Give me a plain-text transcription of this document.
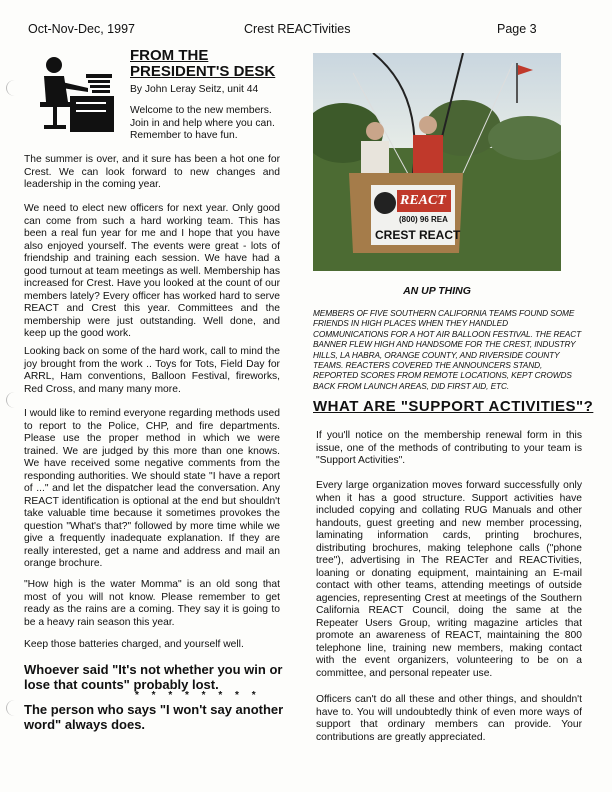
Oct-Nov-Dec, 1997	Crest REACTivities	Page 3
FROM THE
PRESIDENT'S DESK
By John Leray Seitz, unit 44

Welcome to the new members. Join in and help where you can. Remember to have fun.

The summer is over, and it sure has been a hot one for Crest. We can look forward to new changes and leadership in the coming year.

We need to elect new officers for next year. Only good can come from such a hard working team. This has been a real fun year for me and I hope that you have also enjoyed yourself. The events were great - lots of friendship and training each session. We have had a good turnout at team meetings as well. Membership has increased for Crest. Have you looked at the count of our members lately? Every officer has worked hard to serve REACT and Crest this year. Committees and the membership were just outstanding. Well done, and keep up the good work.

Looking back on some of the hard work, call to mind the joy brought from the work .. Toys for Tots, Field Day for ARRL, Ham conventions, Balloon Festival, fireworks, Red Cross, and many many more.

I would like to remind everyone regarding methods used to report to the Police, CHP, and fire departments. Please use the proper method in which we were trained. We are judged by this more than one knows. We have received some negative comments from the responding authorities. We should state "I have a report of ..." and let the dispatcher lead the conversation. Any REACT identification is optional at the end but shouldn't take valuable time because it sometimes provokes the question "What's that?" followed by more time while we give a frequently inadequate explanation. If they are really interested, get a name and address and mail an orange brochure.

"How high is the water Momma" is an old song that most of you will not know. Please remember to get ready as the rains are a coming. They say it is going to be a heavy rain season this year.

Keep those batteries charged, and yourself well.

Whoever said "It's not whether you win or lose that counts" probably lost.

* * * * * * * *

The person who says "I won't say another word" always does.

REACT
(800) 96 REA
CREST REACT
AN UP THING

MEMBERS OF FIVE SOUTHERN CALIFORNIA TEAMS FOUND SOME FRIENDS IN HIGH PLACES WHEN THEY HANDLED COMMUNICATIONS FOR A HOT AIR BALLOON FESTIVAL. THE REACT BANNER FLEW HIGH AND HANDSOME FOR THE CREST, INDUSTRY HILLS, LA HABRA, ORANGE COUNTY, AND RIVERSIDE COUNTY TEAMS. REACTERS COVERED THE ANNOUNCERS STAND, REPORTED SCORES FROM REMOTE LOCATIONS, KEPT CROWDS BACK FROM LAUNCH AREAS, DID FIRST AID, ETC.

WHAT ARE "SUPPORT ACTIVITIES"?

If you'll notice on the membership renewal form in this issue, one of the methods of contributing to your team is "Support Activities".

Every large organization moves forward successfully only when it has a good structure. Support activities have included copying and collating RUG Manuals and other handouts, guest greeting and new member processing, laminating information cards, printing brochures, distributing brochures, making telephone calls ("phone tree"), advertising in The REACTer and REACTivities, loaning or donating equipment, maintaining an E-mail contact with other teams, attending meetings of outside agencies, representing Crest at meetings of the Southern California REACT Council, doing the same at the Repeater Users Group, writing magazine articles that promote an awareness of REACT, maintaining the 800 telephone line, training new members, making contact with the event organizers, volunteering to be on a committee, and personal repeater use.

Officers can't do all these and other things, and shouldn't have to. You will undoubtedly think of even more ways of support that ordinary members can provide. Your contributions are greatly appreciated.
